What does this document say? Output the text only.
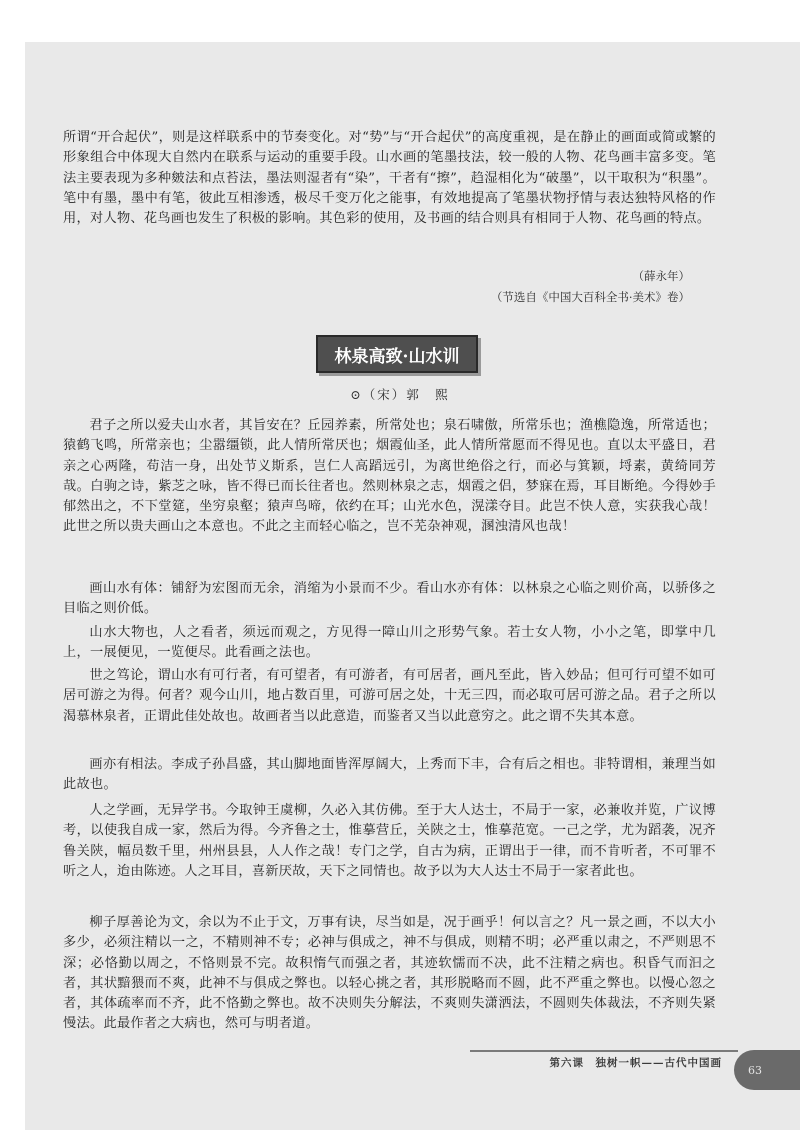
所谓“开合起伏”，则是这样联系中的节奏变化。对“势”与“开合起伏”的高度重视，是在静止的画面或简或繁的形象组合中体现大自然内在联系与运动的重要手段。山水画的笔墨技法，较一般的人物、花鸟画丰富多变。笔法主要表现为多种皴法和点苔法，墨法则湿者有“染”，干者有“擦”，趋湿相化为“破墨”，以干取积为“积墨”。笔中有墨，墨中有笔，彼此互相渗透，极尽千变万化之能事，有效地提高了笔墨状物抒情与表达独特风格的作用，对人物、花鸟画也发生了积极的影响。其色彩的使用，及书画的结合则具有相同于人物、花鸟画的特点。

（薛永年）
（节选自《中国大百科全书·美术》卷）
林泉高致·山水训
⊙（宋）郭　熙

君子之所以爱夫山水者，其旨安在？丘园养素，所常处也；泉石啸傲，所常乐也；渔樵隐逸，所常适也；猿鹤飞鸣，所常亲也；尘嚣缰锁，此人情所常厌也；烟霞仙圣，此人情所常愿而不得见也。直以太平盛日，君亲之心两隆，苟洁一身，出处节义斯系，岂仁人高蹈远引，为离世绝俗之行，而必与箕颖，埒素，黄绮同芳哉。白驹之诗，紫芝之咏，皆不得已而长往者也。然则林泉之志，烟霞之侣，梦寐在焉，耳目断绝。今得妙手郁然出之，不下堂筵，坐穷泉壑；猿声鸟啼，依约在耳；山光水色，滉漾夺目。此岂不快人意，实获我心哉！此世之所以贵夫画山之本意也。不此之主而轻心临之，岂不芜杂神观，溷浊清风也哉！

画山水有体：铺舒为宏图而无余，消缩为小景而不少。看山水亦有体：以林泉之心临之则价高，以骄侈之目临之则价低。

山水大物也，人之看者，须远而观之，方见得一障山川之形势气象。若士女人物，小小之笔，即掌中几上，一展便见，一览便尽。此看画之法也。

世之笃论，谓山水有可行者，有可望者，有可游者，有可居者，画凡至此，皆入妙品；但可行可望不如可居可游之为得。何者？观今山川，地占数百里，可游可居之处，十无三四，而必取可居可游之品。君子之所以渴慕林泉者，正谓此佳处故也。故画者当以此意造，而鉴者又当以此意穷之。此之谓不失其本意。

画亦有相法。李成子孙昌盛，其山脚地面皆浑厚阔大，上秀而下丰，合有后之相也。非特谓相，兼理当如此故也。

人之学画，无异学书。今取钟王虞柳，久必入其仿佛。至于大人达士，不局于一家，必兼收并览，广议博考，以使我自成一家，然后为得。今齐鲁之士，惟摹营丘，关陕之士，惟摹范宽。一己之学，尤为蹈袭，况齐鲁关陕，幅员数千里，州州县县，人人作之哉！专门之学，自古为病，正谓出于一律，而不肯听者，不可罪不听之人，迨由陈迹。人之耳目，喜新厌故，天下之同情也。故予以为大人达士不局于一家者此也。

柳子厚善论为文，余以为不止于文，万事有诀，尽当如是，况于画乎！何以言之？凡一景之画，不以大小多少，必须注精以一之，不精则神不专；必神与俱成之，神不与俱成，则精不明；必严重以肃之，不严则思不深；必恪勤以周之，不恪则景不完。故积惰气而强之者，其迹软懦而不决，此不注精之病也。积昏气而汩之者，其状黯猥而不爽，此神不与俱成之弊也。以轻心挑之者，其形脱略而不圆，此不严重之弊也。以慢心忽之者，其体疏率而不齐，此不恪勤之弊也。故不决则失分解法，不爽则失潇洒法，不圆则失体裁法，不齐则失紧慢法。此最作者之大病也，然可与明者道。

第六课　独树一帜——古代中国画
63
